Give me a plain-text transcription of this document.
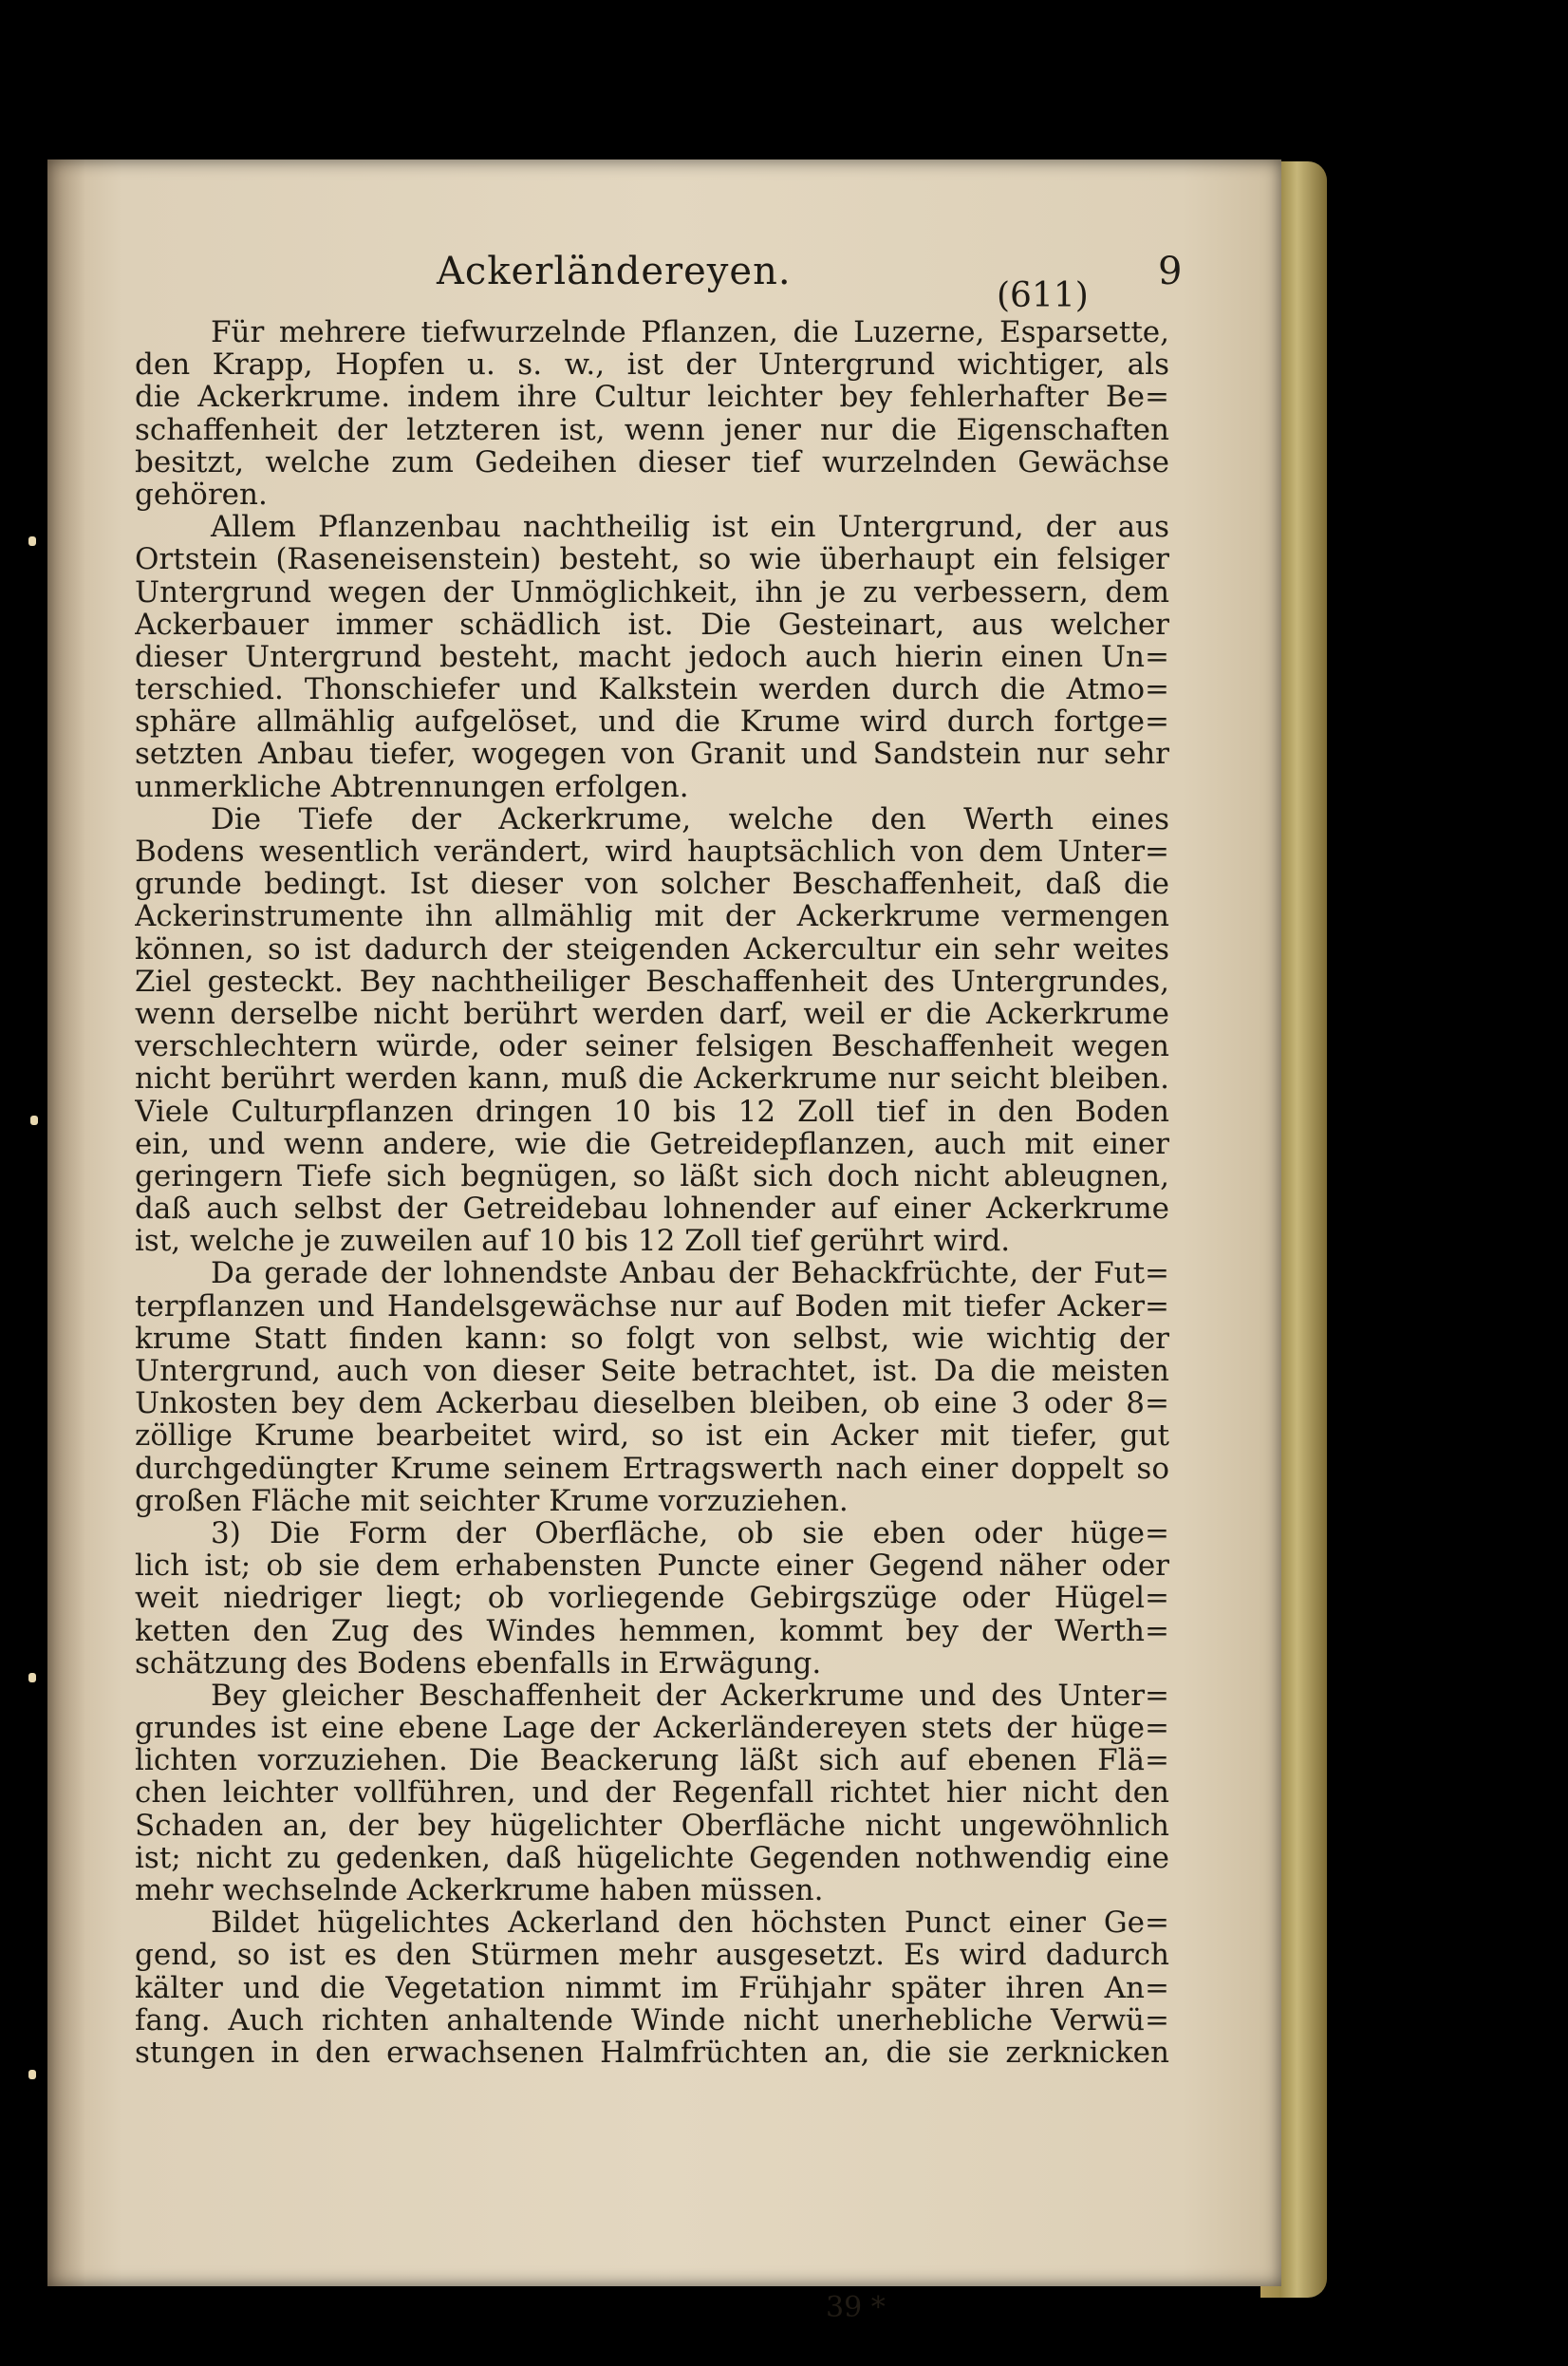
Ackerländereyen.	9
(611)
Für mehrere tiefwurzelnde Pflanzen, die Luzerne, Esparsette,
den Krapp, Hopfen u. s. w., ist der Untergrund wichtiger, als
die Ackerkrume. indem ihre Cultur leichter bey fehlerhafter Be=
schaffenheit der letzteren ist, wenn jener nur die Eigenschaften
besitzt, welche zum Gedeihen dieser tief wurzelnden Gewächse
gehören.
Allem Pflanzenbau nachtheilig ist ein Untergrund, der aus
Ortstein (Raseneisenstein) besteht, so wie überhaupt ein felsiger
Untergrund wegen der Unmöglichkeit, ihn je zu verbessern, dem
Ackerbauer immer schädlich ist. Die Gesteinart, aus welcher
dieser Untergrund besteht, macht jedoch auch hierin einen Un=
terschied. Thonschiefer und Kalkstein werden durch die Atmo=
sphäre allmählig aufgelöset, und die Krume wird durch fortge=
setzten Anbau tiefer, wogegen von Granit und Sandstein nur sehr
unmerkliche Abtrennungen erfolgen.
Die Tiefe der Ackerkrume, welche den Werth eines
Bodens wesentlich verändert, wird hauptsächlich von dem Unter=
grunde bedingt. Ist dieser von solcher Beschaffenheit, daß die
Ackerinstrumente ihn allmählig mit der Ackerkrume vermengen
können, so ist dadurch der steigenden Ackercultur ein sehr weites
Ziel gesteckt. Bey nachtheiliger Beschaffenheit des Untergrundes,
wenn derselbe nicht berührt werden darf, weil er die Ackerkrume
verschlechtern würde, oder seiner felsigen Beschaffenheit wegen
nicht berührt werden kann, muß die Ackerkrume nur seicht bleiben.
Viele Culturpflanzen dringen 10 bis 12 Zoll tief in den Boden
ein, und wenn andere, wie die Getreidepflanzen, auch mit einer
geringern Tiefe sich begnügen, so läßt sich doch nicht ableugnen,
daß auch selbst der Getreidebau lohnender auf einer Ackerkrume
ist, welche je zuweilen auf 10 bis 12 Zoll tief gerührt wird.
Da gerade der lohnendste Anbau der Behackfrüchte, der Fut=
terpflanzen und Handelsgewächse nur auf Boden mit tiefer Acker=
krume Statt finden kann: so folgt von selbst, wie wichtig der
Untergrund, auch von dieser Seite betrachtet, ist. Da die meisten
Unkosten bey dem Ackerbau dieselben bleiben, ob eine 3 oder 8=
zöllige Krume bearbeitet wird, so ist ein Acker mit tiefer, gut
durchgedüngter Krume seinem Ertragswerth nach einer doppelt so
großen Fläche mit seichter Krume vorzuziehen.
3) Die Form der Oberfläche, ob sie eben oder hüge=
lich ist; ob sie dem erhabensten Puncte einer Gegend näher oder
weit niedriger liegt; ob vorliegende Gebirgszüge oder Hügel=
ketten den Zug des Windes hemmen, kommt bey der Werth=
schätzung des Bodens ebenfalls in Erwägung.
Bey gleicher Beschaffenheit der Ackerkrume und des Unter=
grundes ist eine ebene Lage der Ackerländereyen stets der hüge=
lichten vorzuziehen. Die Beackerung läßt sich auf ebenen Flä=
chen leichter vollführen, und der Regenfall richtet hier nicht den
Schaden an, der bey hügelichter Oberfläche nicht ungewöhnlich
ist; nicht zu gedenken, daß hügelichte Gegenden nothwendig eine
mehr wechselnde Ackerkrume haben müssen.
Bildet hügelichtes Ackerland den höchsten Punct einer Ge=
gend, so ist es den Stürmen mehr ausgesetzt. Es wird dadurch
kälter und die Vegetation nimmt im Frühjahr später ihren An=
fang. Auch richten anhaltende Winde nicht unerhebliche Verwü=
stungen in den erwachsenen Halmfrüchten an, die sie zerknicken
39 *
